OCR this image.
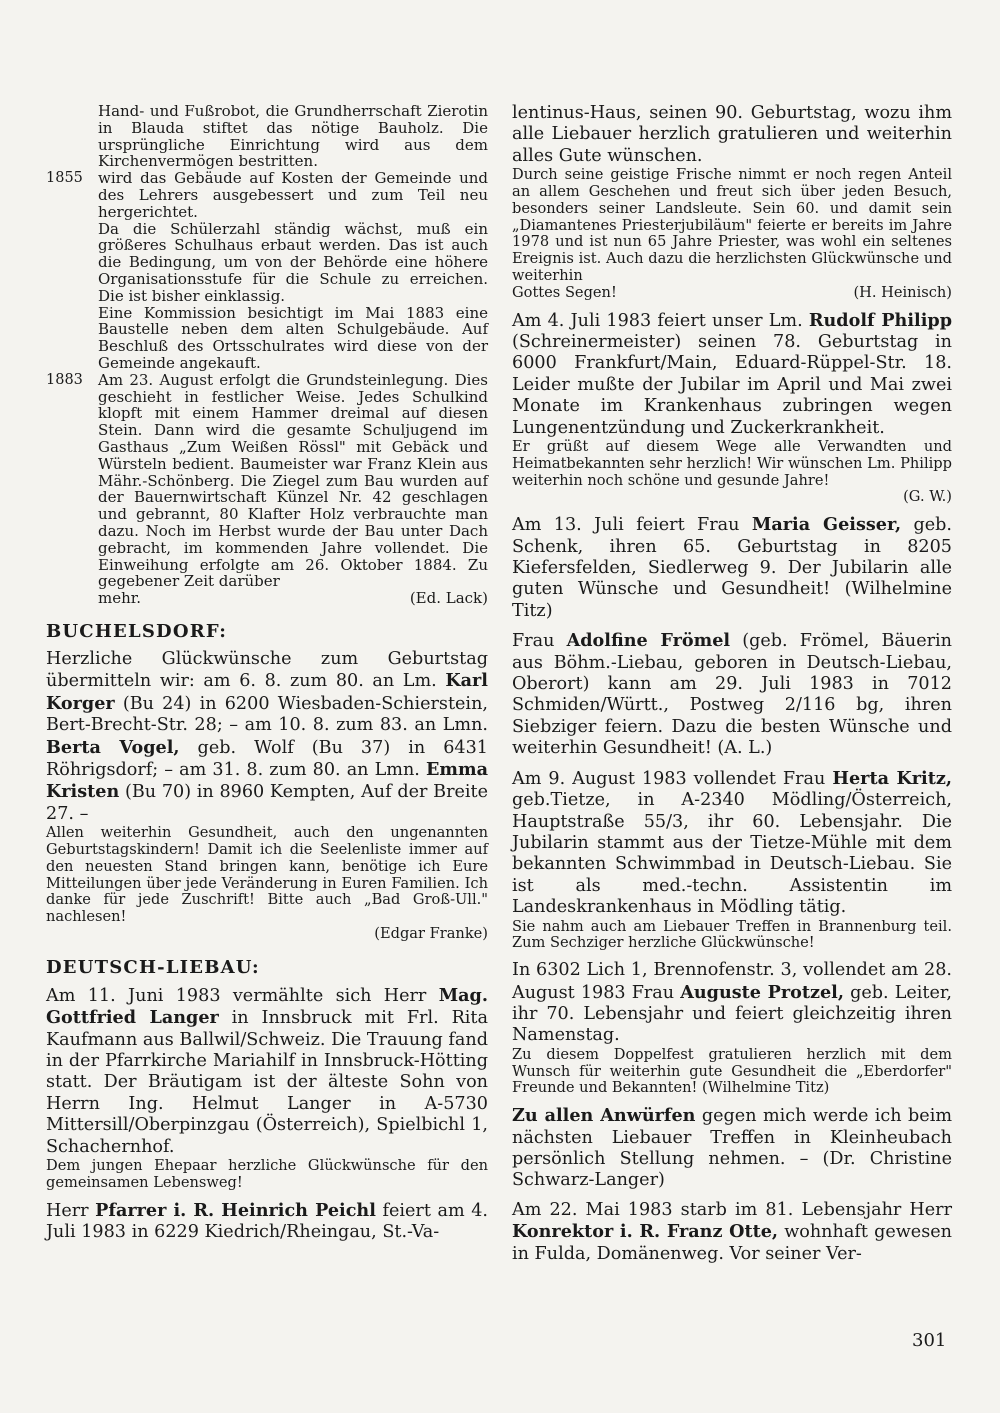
Hand- und Fußrobot, die Grundherrschaft Zierotin in Blauda stiftet das nötige Bauholz. Die ursprüngliche Einrichtung wird aus dem Kirchenvermögen bestritten.

1855	wird das Gebäude auf Kosten der Gemeinde und des Lehrers ausgebessert und zum Teil neu hergerichtet.

Da die Schülerzahl ständig wächst, muß ein größeres Schulhaus erbaut werden. Das ist auch die Bedingung, um von der Behörde eine höhere Organisationsstufe für die Schule zu erreichen. Die ist bisher einklassig.

Eine Kommission besichtigt im Mai 1883 eine Baustelle neben dem alten Schulgebäude. Auf Beschluß des Ortsschulrates wird diese von der Gemeinde angekauft.

1883	Am 23. August erfolgt die Grundsteinlegung. Dies geschieht in festlicher Weise. Jedes Schulkind klopft mit einem Hammer dreimal auf diesen Stein. Dann wird die gesamte Schuljugend im Gasthaus „Zum Weißen Rössl" mit Gebäck und Würsteln bedient. Baumeister war Franz Klein aus Mähr.-Schönberg. Die Ziegel zum Bau wurden auf der Bauernwirtschaft Künzel Nr. 42 geschlagen und gebrannt, 80 Klafter Holz verbrauchte man dazu. Noch im Herbst wurde der Bau unter Dach gebracht, im kommenden Jahre vollendet. Die Einweihung erfolgte am 26. Oktober 1884. Zu gegebener Zeit darüber

mehr.	(Ed. Lack)
BUCHELSDORF:

Herzliche Glückwünsche zum Geburtstag übermitteln wir: am 6. 8. zum 80. an Lm. Karl Korger (Bu 24) in 6200 Wiesbaden-Schierstein, Bert-Brecht-Str. 28; – am 10. 8. zum 83. an Lmn. Berta Vogel, geb. Wolf (Bu 37) in 6431 Röhrigsdorf; – am 31. 8. zum 80. an Lmn. Emma Kristen (Bu 70) in 8960 Kempten, Auf der Breite 27. –

Allen weiterhin Gesundheit, auch den ungenannten Geburtstagskindern! Damit ich die Seelenliste immer auf den neuesten Stand bringen kann, benötige ich Eure Mitteilungen über jede Veränderung in Euren Familien. Ich danke für jede Zuschrift! Bitte auch „Bad Groß-Ull." nachlesen!

(Edgar Franke)

DEUTSCH-LIEBAU:

Am 11. Juni 1983 vermählte sich Herr Mag. Gottfried Langer in Innsbruck mit Frl. Rita Kaufmann aus Ballwil/Schweiz. Die Trauung fand in der Pfarrkirche Mariahilf in Innsbruck-Hötting statt. Der Bräutigam ist der älteste Sohn von Herrn Ing. Helmut Langer in A-5730 Mittersill/Oberpinzgau (Österreich), Spielbichl 1, Schachernhof.

Dem jungen Ehepaar herzliche Glückwünsche für den gemeinsamen Lebensweg!

Herr Pfarrer i. R. Heinrich Peichl feiert am 4. Juli 1983 in 6229 Kiedrich/Rheingau, St.-Va-

lentinus-Haus, seinen 90. Geburtstag, wozu ihm alle Liebauer herzlich gratulieren und weiterhin alles Gute wünschen.

Durch seine geistige Frische nimmt er noch regen Anteil an allem Geschehen und freut sich über jeden Besuch, besonders seiner Landsleute. Sein 60. und damit sein „Diamantenes Priesterjubiläum" feierte er bereits im Jahre 1978 und ist nun 65 Jahre Priester, was wohl ein seltenes Ereignis ist. Auch dazu die herzlichsten Glückwünsche und weiterhin

Gottes Segen!	(H. Heinisch)

Am 4. Juli 1983 feiert unser Lm. Rudolf Philipp (Schreinermeister) seinen 78. Geburtstag in 6000 Frankfurt/Main, Eduard-Rüppel-Str. 18. Leider mußte der Jubilar im April und Mai zwei Monate im Krankenhaus zubringen wegen Lungenentzündung und Zuckerkrankheit.

Er grüßt auf diesem Wege alle Verwandten und Heimatbekannten sehr herzlich! Wir wünschen Lm. Philipp weiterhin noch schöne und gesunde Jahre!

(G. W.)

Am 13. Juli feiert Frau Maria Geisser, geb. Schenk, ihren 65. Geburtstag in 8205 Kiefersfelden, Siedlerweg 9. Der Jubilarin alle guten Wünsche und Gesundheit! (Wilhelmine Titz)

Frau Adolfine Frömel (geb. Frömel, Bäuerin aus Böhm.-Liebau, geboren in Deutsch-Liebau, Oberort) kann am 29. Juli 1983 in 7012 Schmiden/Württ., Postweg 2/116 bg, ihren Siebziger feiern. Dazu die besten Wünsche und weiterhin Gesundheit! (A. L.)

Am 9. August 1983 vollendet Frau Herta Kritz, geb.Tietze, in A-2340 Mödling/Österreich, Hauptstraße 55/3, ihr 60. Lebensjahr. Die Jubilarin stammt aus der Tietze-Mühle mit dem bekannten Schwimmbad in Deutsch-Liebau. Sie ist als med.-techn. Assistentin im Landeskrankenhaus in Mödling tätig.

Sie nahm auch am Liebauer Treffen in Brannenburg teil. Zum Sechziger herzliche Glückwünsche!

In 6302 Lich 1, Brennofenstr. 3, vollendet am 28. August 1983 Frau Auguste Protzel, geb. Leiter, ihr 70. Lebensjahr und feiert gleichzeitig ihren Namenstag.

Zu diesem Doppelfest gratulieren herzlich mit dem Wunsch für weiterhin gute Gesundheit die „Eberdorfer" Freunde und Bekannten! (Wilhelmine Titz)

Zu allen Anwürfen gegen mich werde ich beim nächsten Liebauer Treffen in Kleinheubach persönlich Stellung nehmen. – (Dr. Christine Schwarz-Langer)

Am 22. Mai 1983 starb im 81. Lebensjahr Herr Konrektor i. R. Franz Otte, wohnhaft gewesen in Fulda, Domänenweg. Vor seiner Ver-

301
